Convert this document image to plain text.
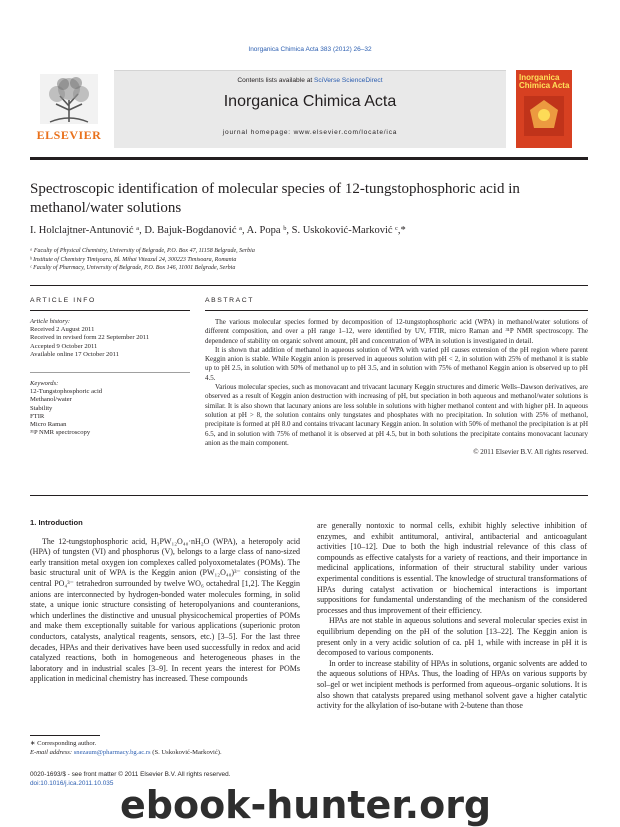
Inorganica Chimica Acta 383 (2012) 26–32
ELSEVIER
Contents lists available at SciVerse ScienceDirect
Inorganica Chimica Acta
journal homepage: www.elsevier.com/locate/ica
Inorganica Chimica Acta
Spectroscopic identification of molecular species of 12-tungstophosphoric acid in methanol/water solutions
I. Holclajtner-Antunović ᵃ, D. Bajuk-Bogdanović ᵃ, A. Popa ᵇ, S. Uskoković-Marković ᶜ,*
ᵃ Faculty of Physical Chemistry, University of Belgrade, P.O. Box 47, 11158 Belgrade, Serbia
ᵇ Institute of Chemistry Timişoara, Bl. Mihai Viteazul 24, 300223 Timisoara, Romania
ᶜ Faculty of Pharmacy, University of Belgrade, P.O. Box 146, 11001 Belgrade, Serbia
ARTICLE INFO	ABSTRACT
Article history:
Received 2 August 2011
Received in revised form 22 September 2011
Accepted 9 October 2011
Available online 17 October 2011
Keywords:
12-Tungstophosphoric acid
Methanol/water
Stability
FTIR
Micro Raman
³¹P NMR spectroscopy

The various molecular species formed by decomposition of 12-tungstophosphoric acid (WPA) in methanol/water solutions of different composition, and over a pH range 1–12, were identified by UV, FTIR, micro Raman and ³¹P NMR spectroscopy. The dependence of stability on organic solvent amount, pH and concentration of WPA in solution is investigated in detail.

It is shown that addition of methanol in aqueous solution of WPA with varied pH causes extension of the pH region where parent Keggin anion is stable. While Keggin anion is preserved in aqueous solution with pH < 2, in solution with 25% of methanol it is stable up to pH 2.5, in solution with 50% of methanol up to pH 3.5, and in solution with 75% of methanol Keggin anion is observed up to pH 4.5.

Various molecular species, such as monovacant and trivacant lacunary Keggin structures and dimeric Wells–Dawson derivatives, are observed as a result of Keggin anion destruction with increasing of pH, but speciation in both aqueous and methanol/water solutions is similar. It is also shown that lacunary anions are less soluble in solutions with higher methanol content and with higher pH. In aqueous solution at pH > 8, the solution contains only tungstates and phosphates with no precipitation. In solution with 25% of methanol, precipitate is formed at pH 8.0 and contains trivacant lacunary Keggin anion. In solution with 50% of methanol the precipitation is at pH 6.5, and in solution with 75% of methanol it is observed at pH 4.5, but in both solutions the precipitate contains monovacant lacunary anion as the main component.

© 2011 Elsevier B.V. All rights reserved.
1. Introduction

The 12-tungstophosphoric acid, H₃PW₁₂O₄₀·nH₂O (WPA), a heteropoly acid (HPA) of tungsten (VI) and phosphorus (V), belongs to a large class of nano-sized early transition metal oxygen ion complexes called polyoxometalates (POMs). The basic structural unit of WPA is the Keggin anion (PW₁₂O₄₀)³⁻ consisting of the central PO₄³⁻ tetrahedron surrounded by twelve WO₆ octahedral [1,2]. The Keggin anions are interconnected by hydrogen-bonded water molecules forming, in solid state, a unique ionic structure consisting of heteropolyanions and counteranions, which underlines the distinctive and unusual physicochemical properties of POMs and make them exceptionally suitable for various applications (superionic proton conductors, catalysts, analytical reagents, sensors, etc.) [3–5]. For the last three decades, HPAs and their derivatives have been used successfully in redox and acid catalyzed reactions, both in homogeneous and heterogeneous phases in the laboratory and in industrial scales [3–9]. In recent years the interest for POMs application in medicinal chemistry has increased. These compounds

are generally nontoxic to normal cells, exhibit highly selective inhibition of enzymes, and exhibit antitumoral, antiviral, antibacterial and anticoagulant activities [10–12]. Due to both the high industrial relevance of this class of compounds as effective catalysts for a variety of reactions, and their importance in medicinal applications, information of their structural stability under various experimental conditions is essential. The knowledge of structural transformations of HPAs during catalyst activation or biochemical interactions is important suppositions for fundamental understanding of the mechanism of the considered processes and thus improvement of their efficiency.

HPAs are not stable in aqueous solutions and several molecular species exist in equilibrium depending on the pH of the solution [13–22]. The Keggin anion is present only in a very acidic solution of ca. pH 1, while with increase in pH it is decomposed to various components.

In order to increase stability of HPAs in solutions, organic solvents are added to the aqueous solutions of HPAs. Thus, the loading of HPAs on various supports by sol–gel or wet incipient methods is performed from aqueous–organic solutions. It is also shown that catalysts prepared using methanol solvent gave a higher catalytic activity for the alkylation of iso-butane with 2-butene than those

∗ Corresponding author.
E-mail address: snezaum@pharmacy.bg.ac.rs (S. Uskoković-Marković).
0020-1693/$ - see front matter © 2011 Elsevier B.V. All rights reserved.
doi:10.1016/j.ica.2011.10.035 ebook-hunter.org
